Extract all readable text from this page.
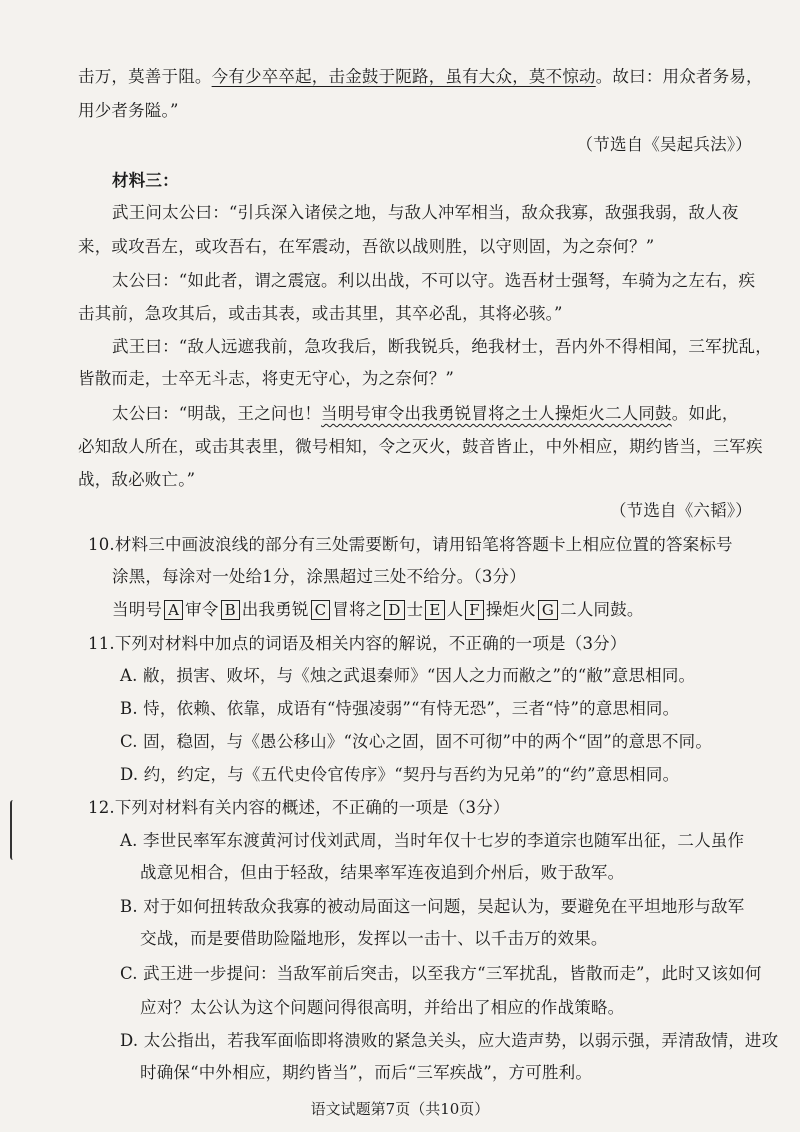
击万，莫善于阻。今有少卒卒起，击金鼓于阨路，虽有大众，莫不惊动。故曰：用众者务易，
用少者务隘。”
（节选自《吴起兵法》）
材料三：
武王问太公曰：“引兵深入诸侯之地，与敌人冲军相当，敌众我寡，敌强我弱，敌人夜
来，或攻吾左，或攻吾右，在军震动，吾欲以战则胜，以守则固，为之奈何？”
太公曰：“如此者，谓之震寇。利以出战，不可以守。选吾材士强弩，车骑为之左右，疾
击其前，急攻其后，或击其表，或击其里，其卒必乱，其将必骇。”
武王曰：“敌人远遮我前，急攻我后，断我锐兵，绝我材士，吾内外不得相闻，三军扰乱，
皆散而走，士卒无斗志，将吏无守心，为之奈何？”
太公曰：“明哉，王之问也！当明号审令出我勇锐冒将之士人操炬火二人同鼓。如此，
必知敌人所在，或击其表里，微号相知，令之灭火，鼓音皆止，中外相应，期约皆当，三军疾
战，敌必败亡。”
（节选自《六韬》）
10.材料三中画波浪线的部分有三处需要断句，请用铅笔将答题卡上相应位置的答案标号
涂黑，每涂对一处给1分，涂黑超过三处不给分。（3分）
当明号 A 审令 B 出我勇锐 C 冒将之 D 士 E 人 F 操炬火 G 二人同鼓。
11.下列对材料中加点的词语及相关内容的解说，不正确的一项是（3分）
A. 敝，损害、败坏，与《烛之武退秦师》“因人之力而敝之”的“敝”意思相同。
B. 恃，依赖、依靠，成语有“恃强凌弱”“有恃无恐”，三者“恃”的意思相同。
C. 固，稳固，与《愚公移山》“汝心之固，固不可彻”中的两个“固”的意思不同。
D. 约，约定，与《五代史伶官传序》“契丹与吾约为兄弟”的“约”意思相同。
12.下列对材料有关内容的概述，不正确的一项是（3分）
A. 李世民率军东渡黄河讨伐刘武周，当时年仅十七岁的李道宗也随军出征，二人虽作
战意见相合，但由于轻敌，结果率军连夜追到介州后，败于敌军。
B. 对于如何扭转敌众我寡的被动局面这一问题，吴起认为，要避免在平坦地形与敌军
交战，而是要借助险隘地形，发挥以一击十、以千击万的效果。
C. 武王进一步提问：当敌军前后突击，以至我方“三军扰乱，皆散而走”，此时又该如何
应对？太公认为这个问题问得很高明，并给出了相应的作战策略。
D. 太公指出，若我军面临即将溃败的紧急关头，应大造声势，以弱示强，弄清敌情，进攻
时确保“中外相应，期约皆当”，而后“三军疾战”，方可胜利。
语文试题第7页（共10页）
